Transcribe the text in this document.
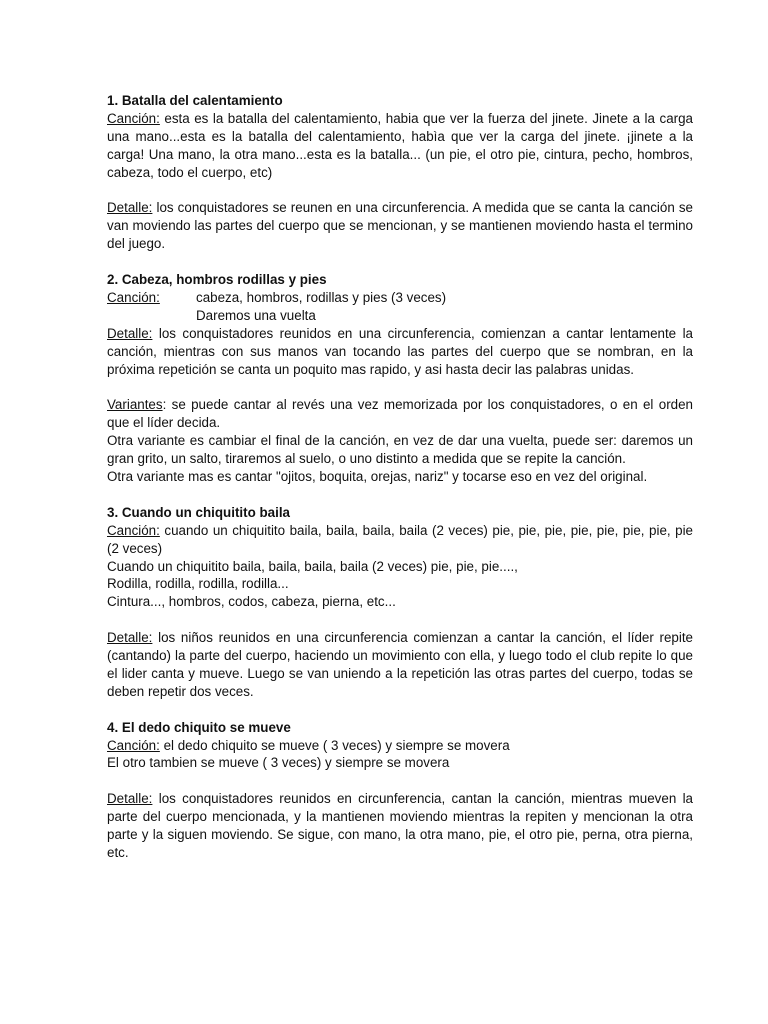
1. Batalla del calentamiento

Canción: esta es la batalla del calentamiento, habia que ver la fuerza del jinete. Jinete a la carga una mano...esta es la batalla del calentamiento, habìa que ver la carga del jinete. ¡jinete a la carga! Una mano, la otra mano...esta es la batalla... (un pie, el otro pie, cintura, pecho, hombros, cabeza, todo el cuerpo, etc)

Detalle: los conquistadores se reunen en una circunferencia. A medida que se canta la canción se van moviendo las partes del cuerpo que se mencionan, y se mantienen moviendo hasta el termino del juego.

2. Cabeza, hombros rodillas y pies
Canción:	cabeza, hombros, rodillas y pies (3 veces)
Daremos una vuelta

Detalle: los conquistadores reunidos en una circunferencia, comienzan a cantar lentamente la canción, mientras con sus manos van tocando las partes del cuerpo que se nombran, en la próxima repetición se canta un poquito mas rapido, y asi hasta decir las palabras unidas.

Variantes: se puede cantar al revés una vez memorizada por los conquistadores, o en el orden que el líder decida.

Otra variante es cambiar el final de la canción, en vez de dar una vuelta, puede ser: daremos un gran grito, un salto, tiraremos al suelo, o uno distinto a medida que se repite la canción.

Otra variante mas es cantar "ojitos, boquita, orejas, nariz" y tocarse eso en vez del original.

3. Cuando un chiquitito baila

Canción: cuando un chiquitito baila, baila, baila, baila (2 veces) pie, pie, pie, pie, pie, pie, pie, pie (2 veces)

Cuando un chiquitito baila, baila, baila, baila (2 veces) pie, pie, pie....,
Rodilla, rodilla, rodilla, rodilla...
Cintura..., hombros, codos, cabeza, pierna, etc...

Detalle: los niños reunidos en una circunferencia comienzan a cantar la canción, el líder repite (cantando) la parte del cuerpo, haciendo un movimiento con ella, y luego todo el club repite lo que el lider canta y mueve. Luego se van uniendo a la repetición las otras partes del cuerpo, todas se deben repetir dos veces.

4. El dedo chiquito se mueve

Canción: el dedo chiquito se mueve ( 3 veces) y siempre se movera

El otro tambien se mueve ( 3 veces) y siempre se movera

Detalle: los conquistadores reunidos en circunferencia, cantan la canción, mientras mueven la parte del cuerpo mencionada, y la mantienen moviendo mientras la repiten y mencionan la otra parte y la siguen moviendo. Se sigue, con mano, la otra mano, pie, el otro pie, perna, otra pierna, etc.
